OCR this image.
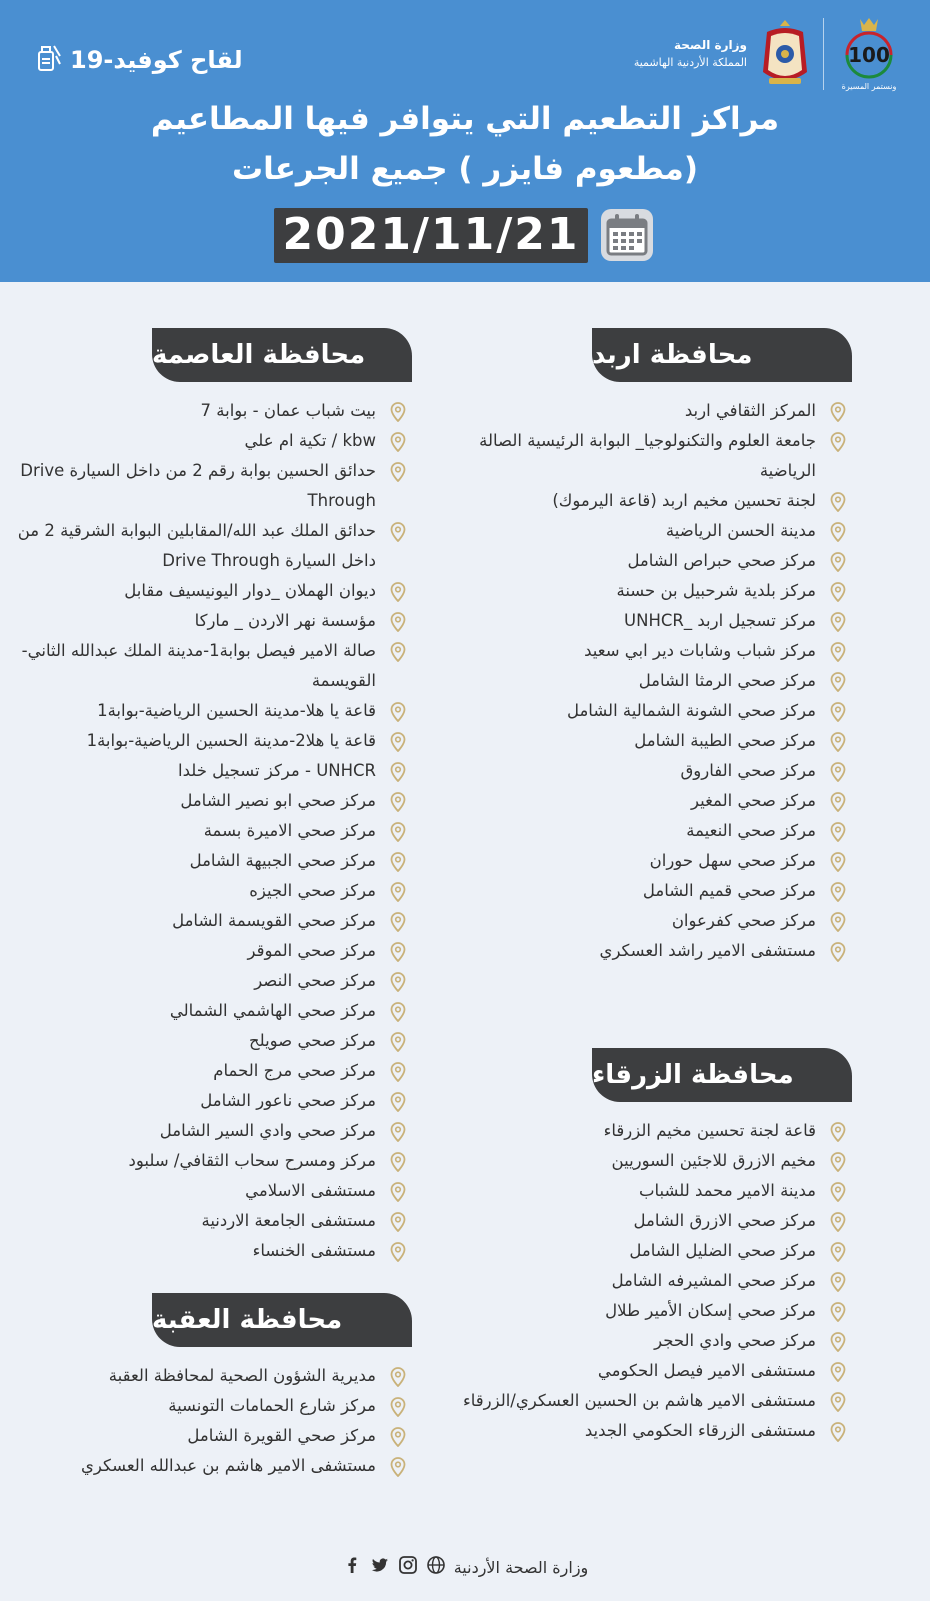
100
ونستمر المسيرة
وزارة الصحة
المملكة الأردنية الهاشمية
لقاح كوفيد-19
مراكز التطعيم التي يتوافر فيها المطاعيم
(مطعوم فايزر ) جميع الجرعات
2021/11/21
محافظة اربد
المركز الثقافي اربد
جامعة العلوم والتكنولوجيا_ البوابة الرئيسية الصالة الرياضية
لجنة تحسين مخيم اربد (قاعة اليرموك)
مدينة الحسن الرياضية
مركز صحي حبراص الشامل
مركز بلدية شرحبيل بن حسنة
مركز تسجيل اربد _UNHCR
مركز شباب وشابات دير ابي سعيد
مركز صحي الرمثا الشامل
مركز صحي الشونة الشمالية الشامل
مركز صحي الطيبة الشامل
مركز صحي الفاروق
مركز صحي المغير
مركز صحي النعيمة
مركز صحي سهل حوران
مركز صحي قميم الشامل
مركز صحي كفرعوان
مستشفى الامير راشد العسكري
محافظة العاصمة
بيت شباب عمان - بوابة 7
kbw / تكية ام علي
حدائق الحسين بوابة رقم 2 من داخل السيارة Drive Through
حدائق الملك عبد الله/المقابلين البوابة الشرقية 2 من داخل السيارة Drive Through
ديوان الهملان _دوار اليونيسيف مقابل
مؤسسة نهر الاردن _ ماركا
صالة الامير فيصل بوابة1-مدينة الملك عبدالله الثاني-القويسمة
قاعة يا هلا-مدينة الحسين الرياضية-بوابة1
قاعة يا هلا2-مدينة الحسين الرياضية-بوابة1
UNHCR - مركز تسجيل خلدا
مركز صحي ابو نصير الشامل
مركز صحي الاميرة بسمة
مركز صحي الجبيهة الشامل
مركز صحي الجيزه
مركز صحي القويسمة الشامل
مركز صحي الموقر
مركز صحي النصر
مركز صحي الهاشمي الشمالي
مركز صحي صويلح
مركز صحي مرج الحمام
مركز صحي ناعور الشامل
مركز صحي وادي السير الشامل
مركز ومسرح سحاب الثقافي/ سلبود
مستشفى الاسلامي
مستشفى الجامعة الاردنية
مستشفى الخنساء
محافظة الزرقاء
قاعة لجنة تحسين مخيم الزرقاء
مخيم الازرق للاجئين السوريين
مدينة الامير محمد للشباب
مركز صحي الازرق الشامل
مركز صحي الضليل الشامل
مركز صحي المشيرفه الشامل
مركز صحي إسكان الأمير طلال
مركز صحي وادي الحجر
مستشفى الامير فيصل الحكومي
مستشفى الامير هاشم بن الحسين العسكري/الزرقاء
مستشفى الزرقاء الحكومي الجديد
محافظة العقبة
مديرية الشؤون الصحية لمحافظة العقبة
مركز شارع الحمامات التونسية
مركز صحي القويرة الشامل
مستشفى الامير هاشم بن عبدالله العسكري
وزارة الصحة الأردنية
